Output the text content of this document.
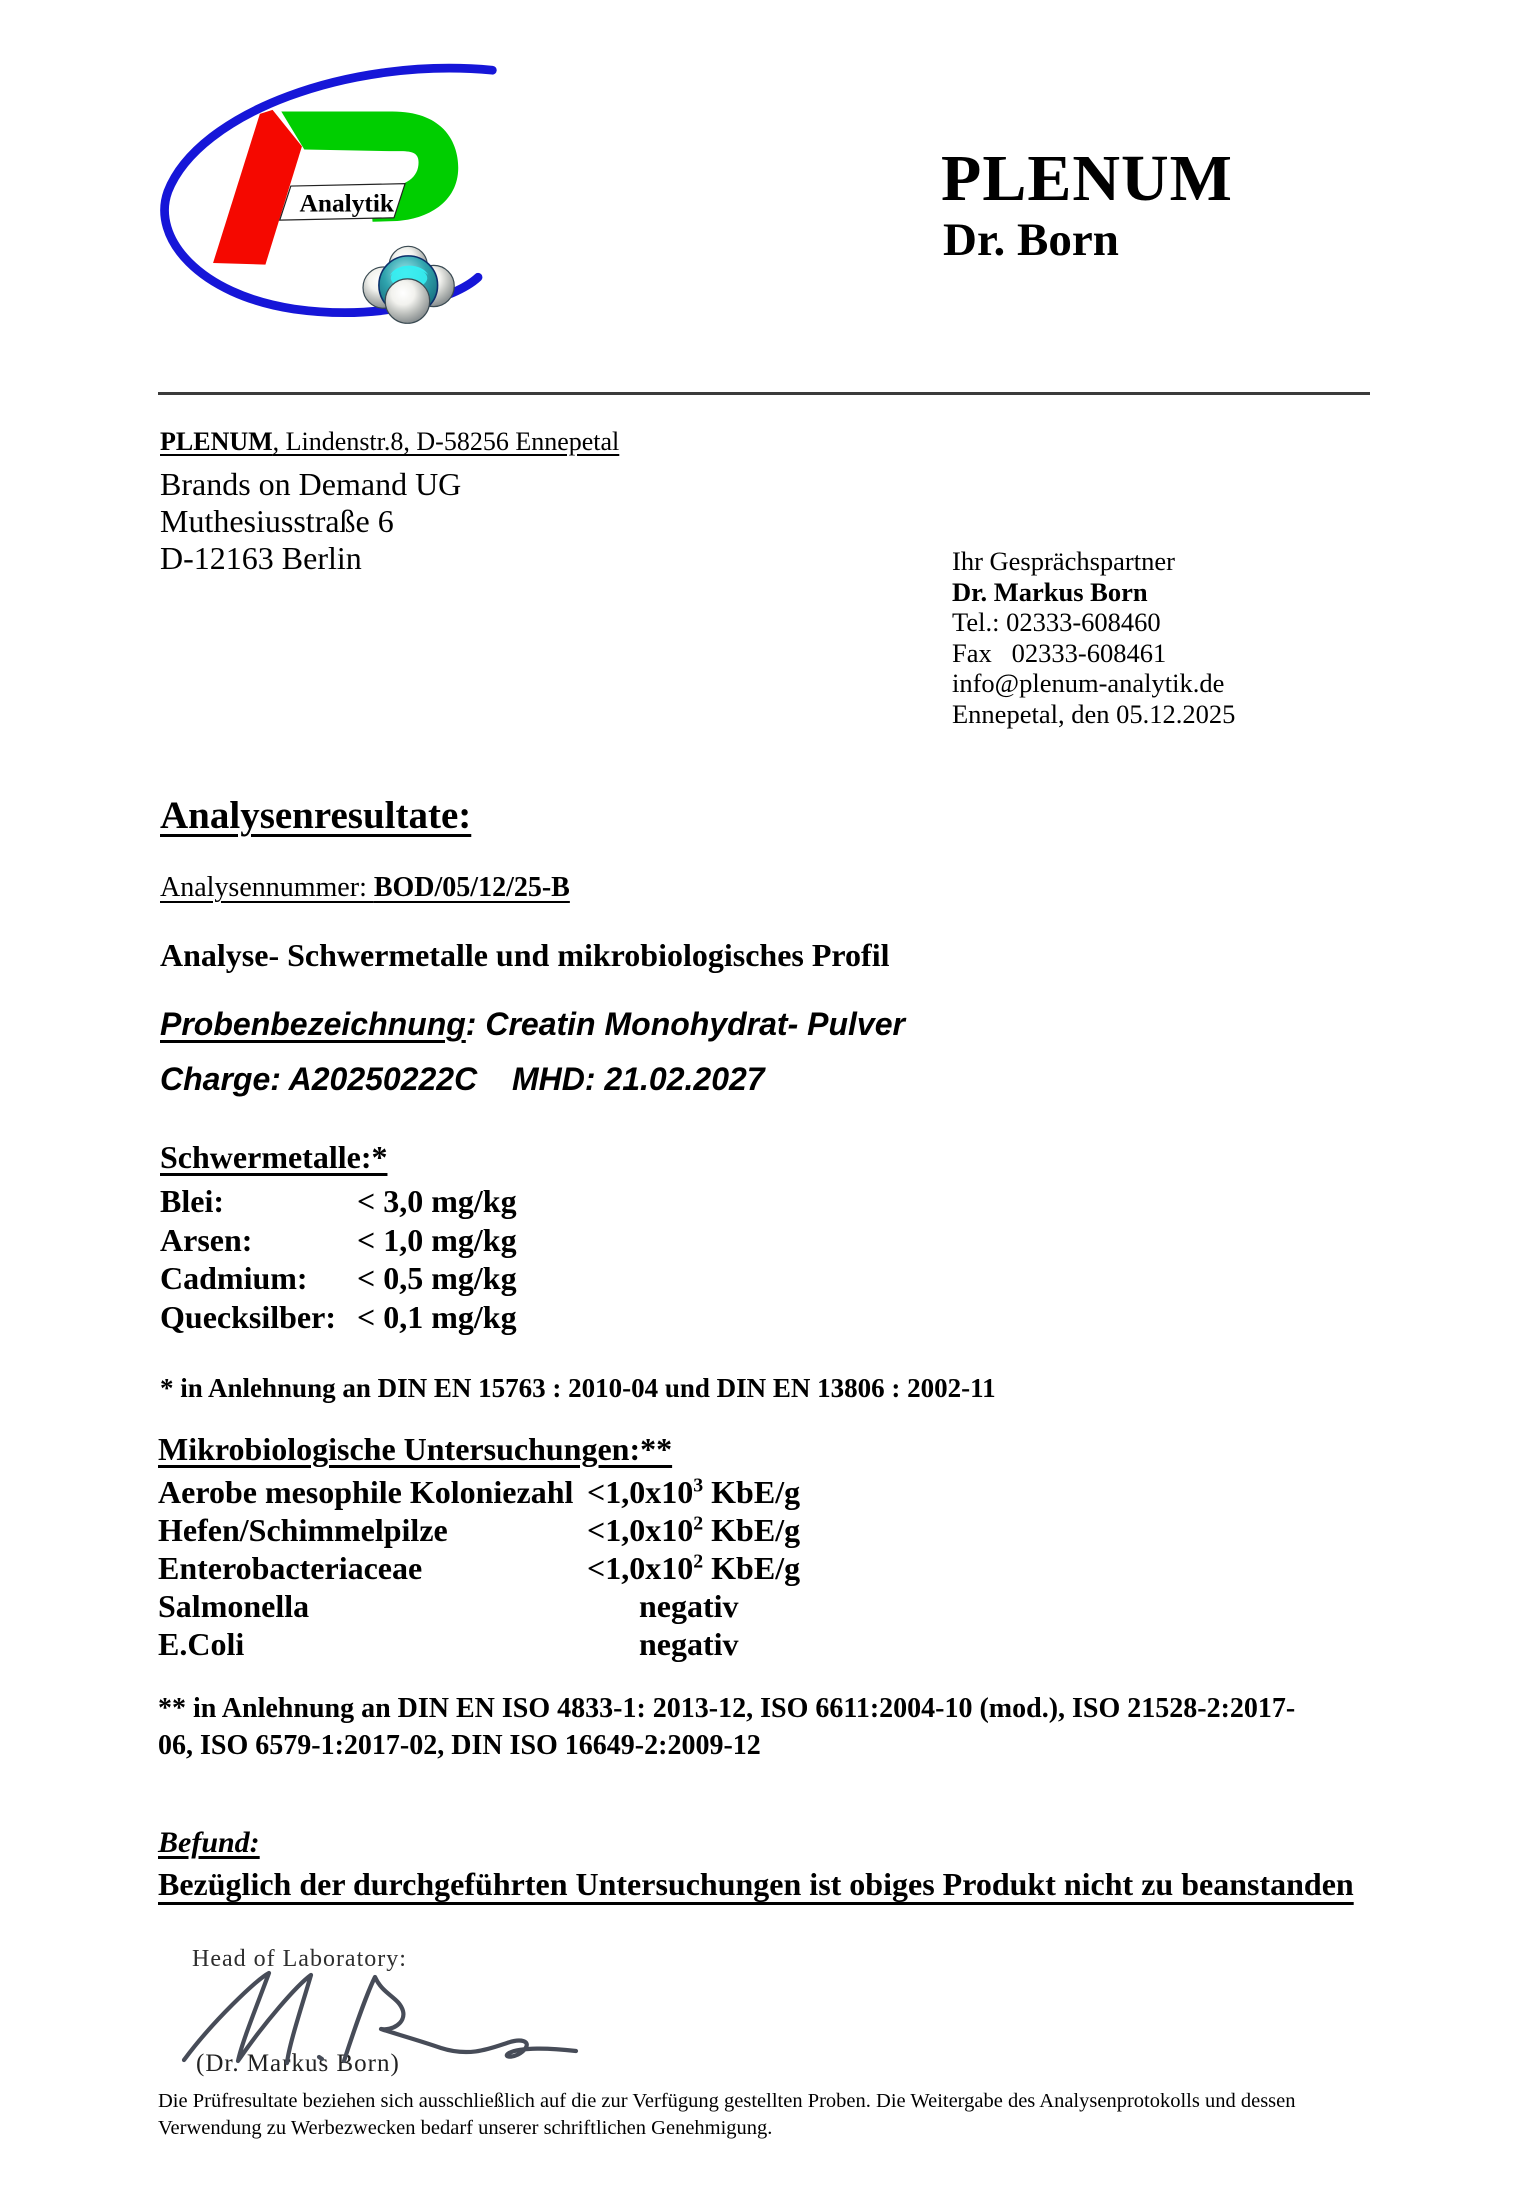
Analytik	PLENUM
Dr. Born
PLENUM, Lindenstr.8, D-58256 Ennepetal
Brands on Demand UG
Muthesiusstraße 6
D-12163 Berlin	Ihr Gesprächspartner
Dr. Markus Born
Tel.: 02333-608460
Fax   02333-608461
info@plenum-analytik.de
Ennepetal, den 05.12.2025
Analysenresultate:
Analysennummer: BOD/05/12/25-B
Analyse- Schwermetalle und mikrobiologisches Profil
Probenbezeichnung: Creatin Monohydrat- Pulver
Charge: A20250222C MHD: 21.02.2027
Schwermetalle:*
Blei:	< 3,0 mg/kg
Arsen:	< 1,0 mg/kg
Cadmium:	< 0,5 mg/kg
Quecksilber: < 0,1 mg/kg
* in Anlehnung an DIN EN 15763 : 2010-04 und DIN EN 13806 : 2002-11
Mikrobiologische Untersuchungen:**
Aerobe mesophile Koloniezahl $<1,0x10^3$ KbE/g
Hefen/Schimmelpilze	$<1,0x10^2$ KbE/g
Enterobacteriaceae	$<1,0x10^2$ KbE/g
Salmonella	negativ
E.Coli	negativ
** in Anlehnung an DIN EN ISO 4833-1: 2013-12, ISO 6611:2004-10 (mod.), ISO 21528-2:2017-
06, ISO 6579-1:2017-02, DIN ISO 16649-2:2009-12
Befund:
Bezüglich der durchgeführten Untersuchungen ist obiges Produkt nicht zu beanstanden
Head of Laboratory:
(Dr. Markus Born)
Die Prüfresultate beziehen sich ausschließlich auf die zur Verfügung gestellten Proben. Die Weitergabe des Analysenprotokolls und dessen
Verwendung zu Werbezwecken bedarf unserer schriftlichen Genehmigung.
